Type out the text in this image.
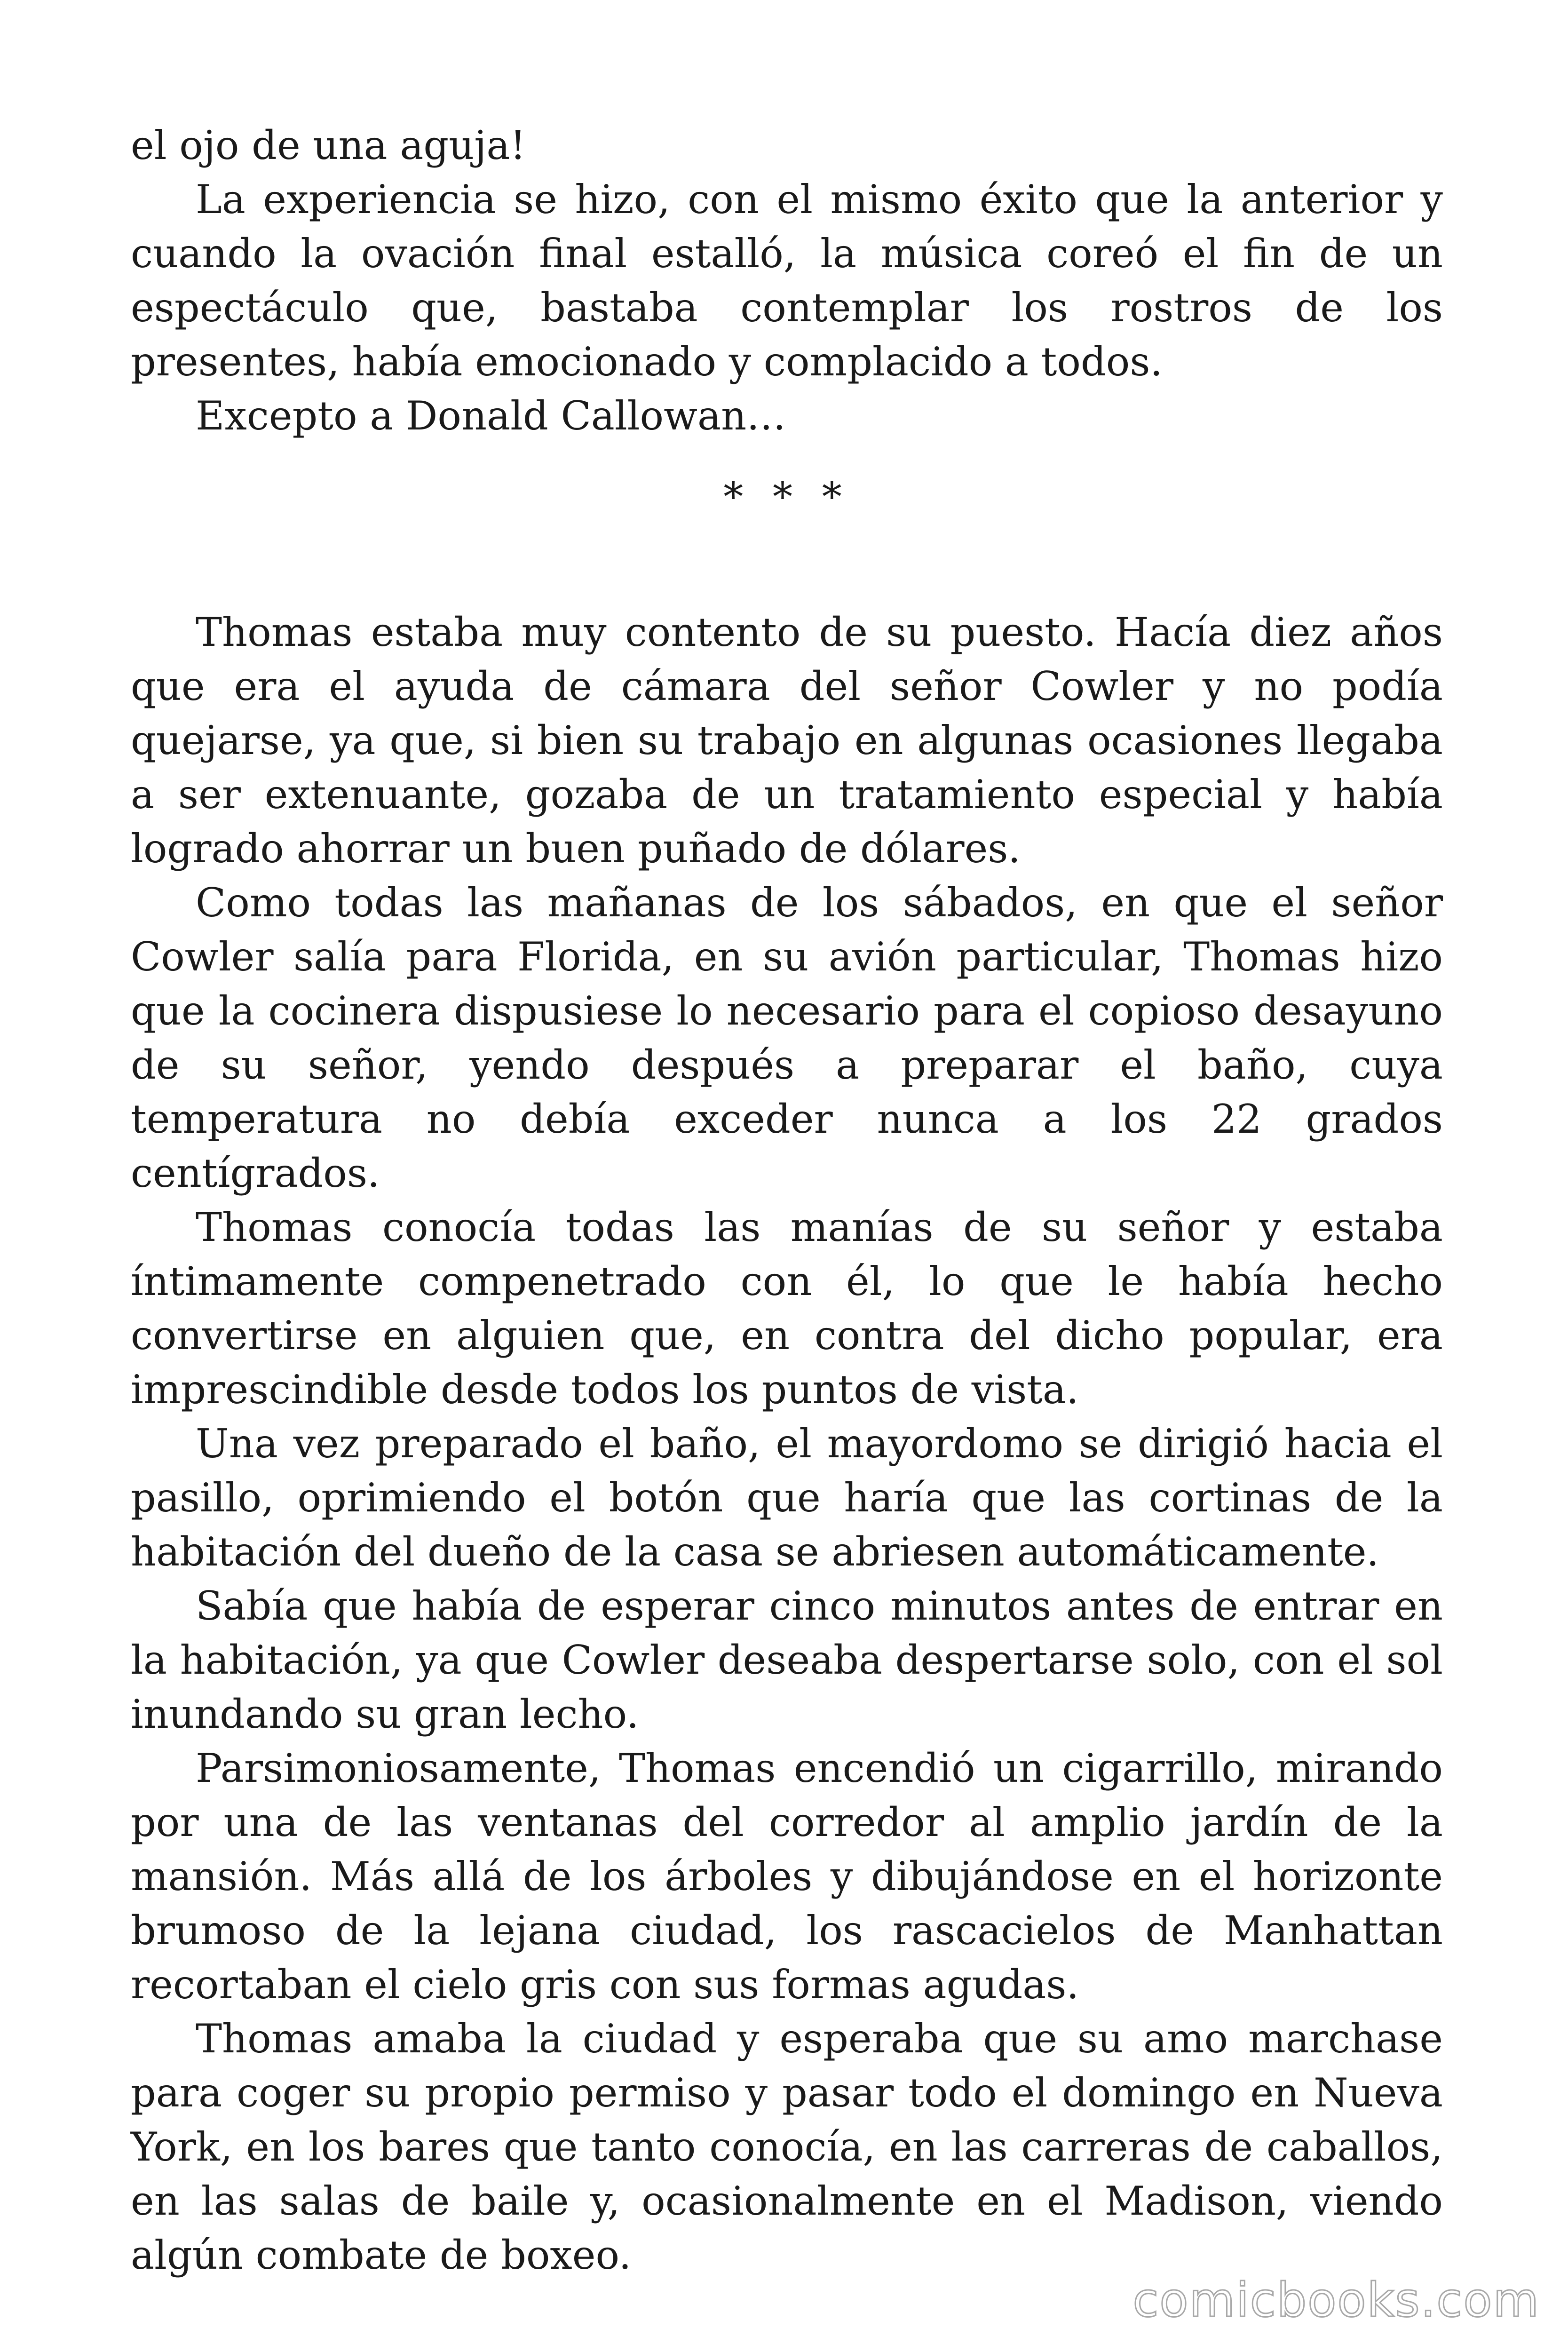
el ojo de una aguja!

La experiencia se hizo, con el mismo éxito que la anterior y cuando la ovación final estalló, la música coreó el fin de un espectáculo que, bastaba contemplar los rostros de los presentes, había emocionado y complacido a todos.

Excepto a Donald Callowan…

* * *

Thomas estaba muy contento de su puesto. Hacía diez años que era el ayuda de cámara del señor Cowler y no podía quejarse, ya que, si bien su trabajo en algunas ocasiones llegaba a ser extenuante, gozaba de un tratamiento especial y había logrado ahorrar un buen puñado de dólares.

Como todas las mañanas de los sábados, en que el señor Cowler salía para Florida, en su avión particular, Thomas hizo que la cocinera dispusiese lo necesario para el copioso desayuno de su señor, yendo después a preparar el baño, cuya temperatura no debía exceder nunca a los 22 grados centígrados.

Thomas conocía todas las manías de su señor y estaba íntimamente compenetrado con él, lo que le había hecho convertirse en alguien que, en contra del dicho popular, era imprescindible desde todos los puntos de vista.

Una vez preparado el baño, el mayordomo se dirigió hacia el pasillo, oprimiendo el botón que haría que las cortinas de la habitación del dueño de la casa se abriesen automáticamente.

Sabía que había de esperar cinco minutos antes de entrar en la habitación, ya que Cowler deseaba despertarse solo, con el sol inundando su gran lecho.

Parsimoniosamente, Thomas encendió un cigarrillo, mirando por una de las ventanas del corredor al amplio jardín de la mansión. Más allá de los árboles y dibujándose en el horizonte brumoso de la lejana ciudad, los rascacielos de Manhattan recortaban el cielo gris con sus formas agudas.

Thomas amaba la ciudad y esperaba que su amo marchase para coger su propio permiso y pasar todo el domingo en Nueva York, en los bares que tanto conocía, en las carreras de caballos, en las salas de baile y, ocasionalmente en el Madison, viendo algún combate de boxeo.

comicbooks.com
